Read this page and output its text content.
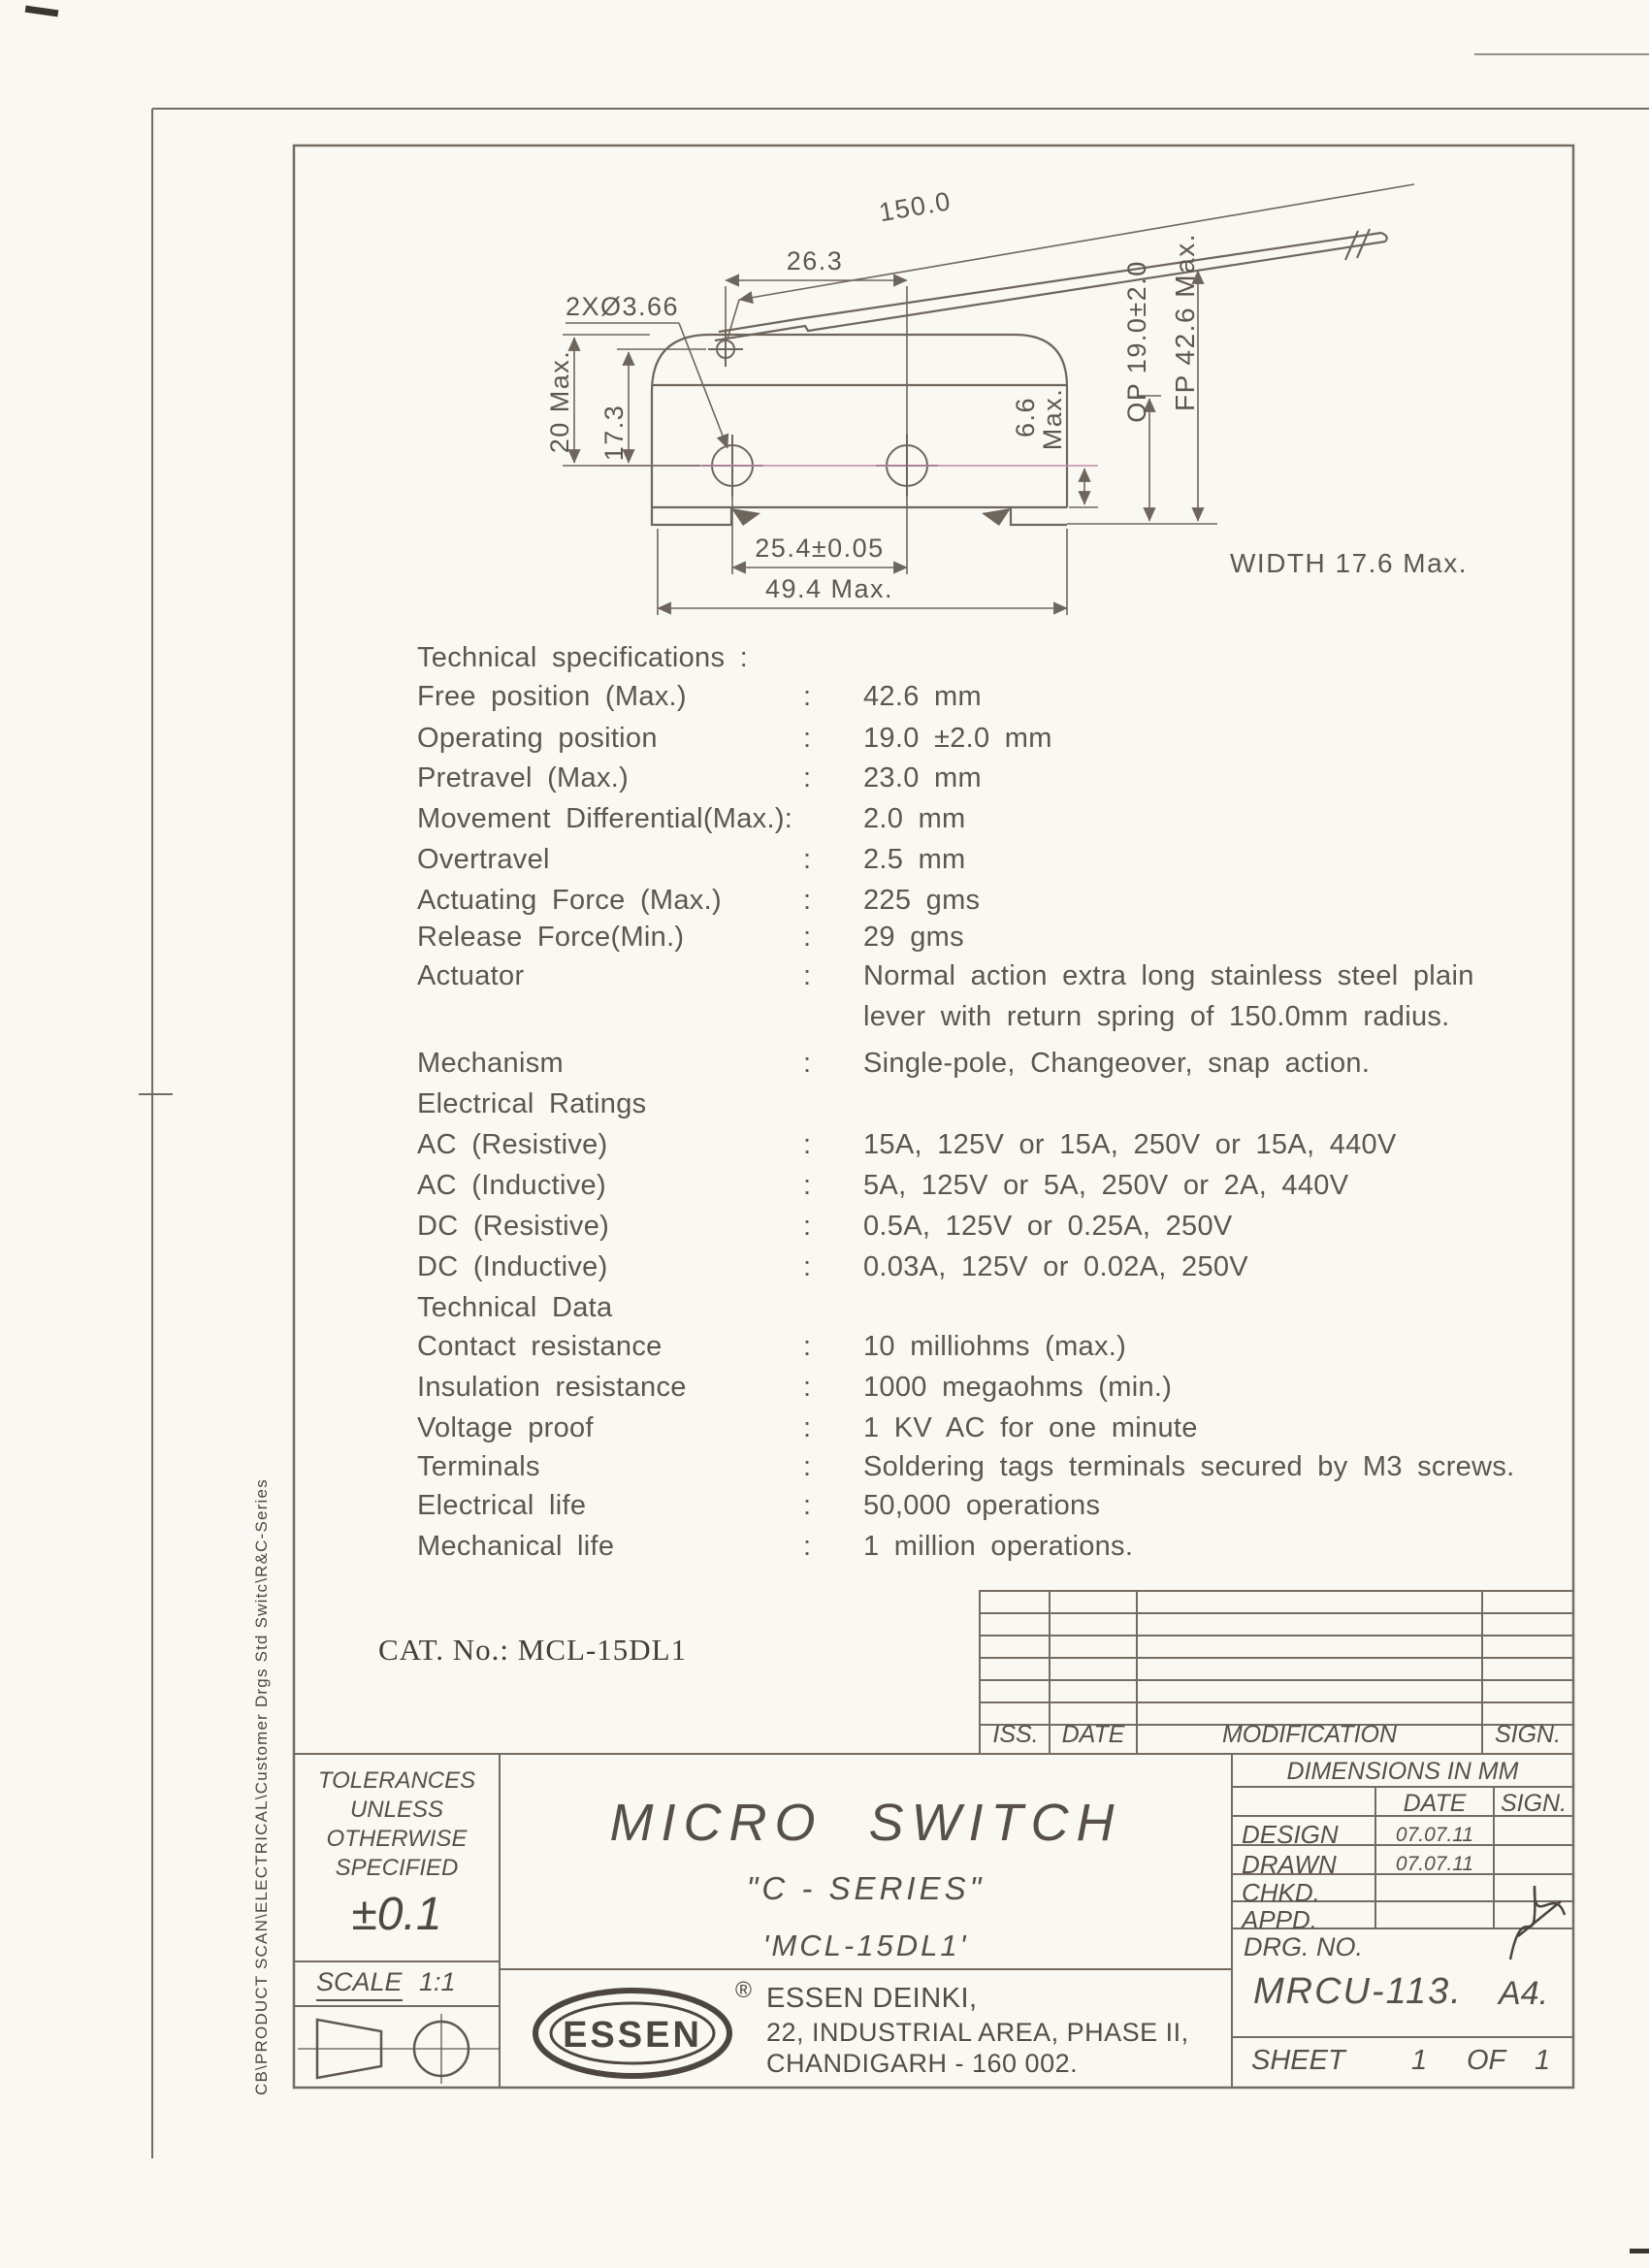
150.0
26.3
2XØ3.66
20 Max. 17.3	6.6
Max. OP 19.0±2.0 FP 42.6 Max.
25.4±0.05
49.4 Max.
WIDTH 17.6 Max.
Technical specifications :
Free position (Max.)	: 42.6 mm
Operating position	: 19.0 ±2.0 mm
Pretravel (Max.)	: 23.0 mm
Movement Differential(Max.):	2.0 mm
Overtravel	: 2.5 mm
Actuating Force (Max.)	: 225 gms
Release Force(Min.)	: 29 gms
Actuator	: Normal action extra long stainless steel plain
lever with return spring of 150.0mm radius.
Mechanism	: Single-pole, Changeover, snap action.
Electrical Ratings
AC (Resistive)	: 15A, 125V or 15A, 250V or 15A, 440V
AC (Inductive)	: 5A, 125V or 5A, 250V or 2A, 440V
DC (Resistive)	: 0.5A, 125V or 0.25A, 250V
DC (Inductive)	: 0.03A, 125V or 0.02A, 250V
Technical Data
Contact resistance	: 10 milliohms (max.)
Insulation resistance	: 1000 megaohms (min.)
Voltage proof	: 1 KV AC for one minute
Terminals	: Soldering tags terminals secured by M3 screws.
Electrical life	: 50,000 operations
Mechanical life	: 1 million operations.
CAT. No.: MCL-15DL1
ISS. DATE	MODIFICATION	SIGN.
CB\PRODUCT SCAN\ELECTRICAL\Customer Drgs Std Switc\R&C-Series	TOLERANCES
UNLESS
OTHERWISE
SPECIFIED
±0.1
SCALE 1:1
MICRO SWITCH
"C - SERIES"
'MCL-15DL1'
ESSEN
® ESSEN DEINKI,
22, INDUSTRIAL AREA, PHASE II,
CHANDIGARH - 160 002.
DIMENSIONS IN MM
DATE	SIGN.
DESIGN	07.07.11
DRAWN	07.07.11
CHKD.
APPD.
DRG. NO.
MRCU-113. A4.
SHEET 1 OF 1
